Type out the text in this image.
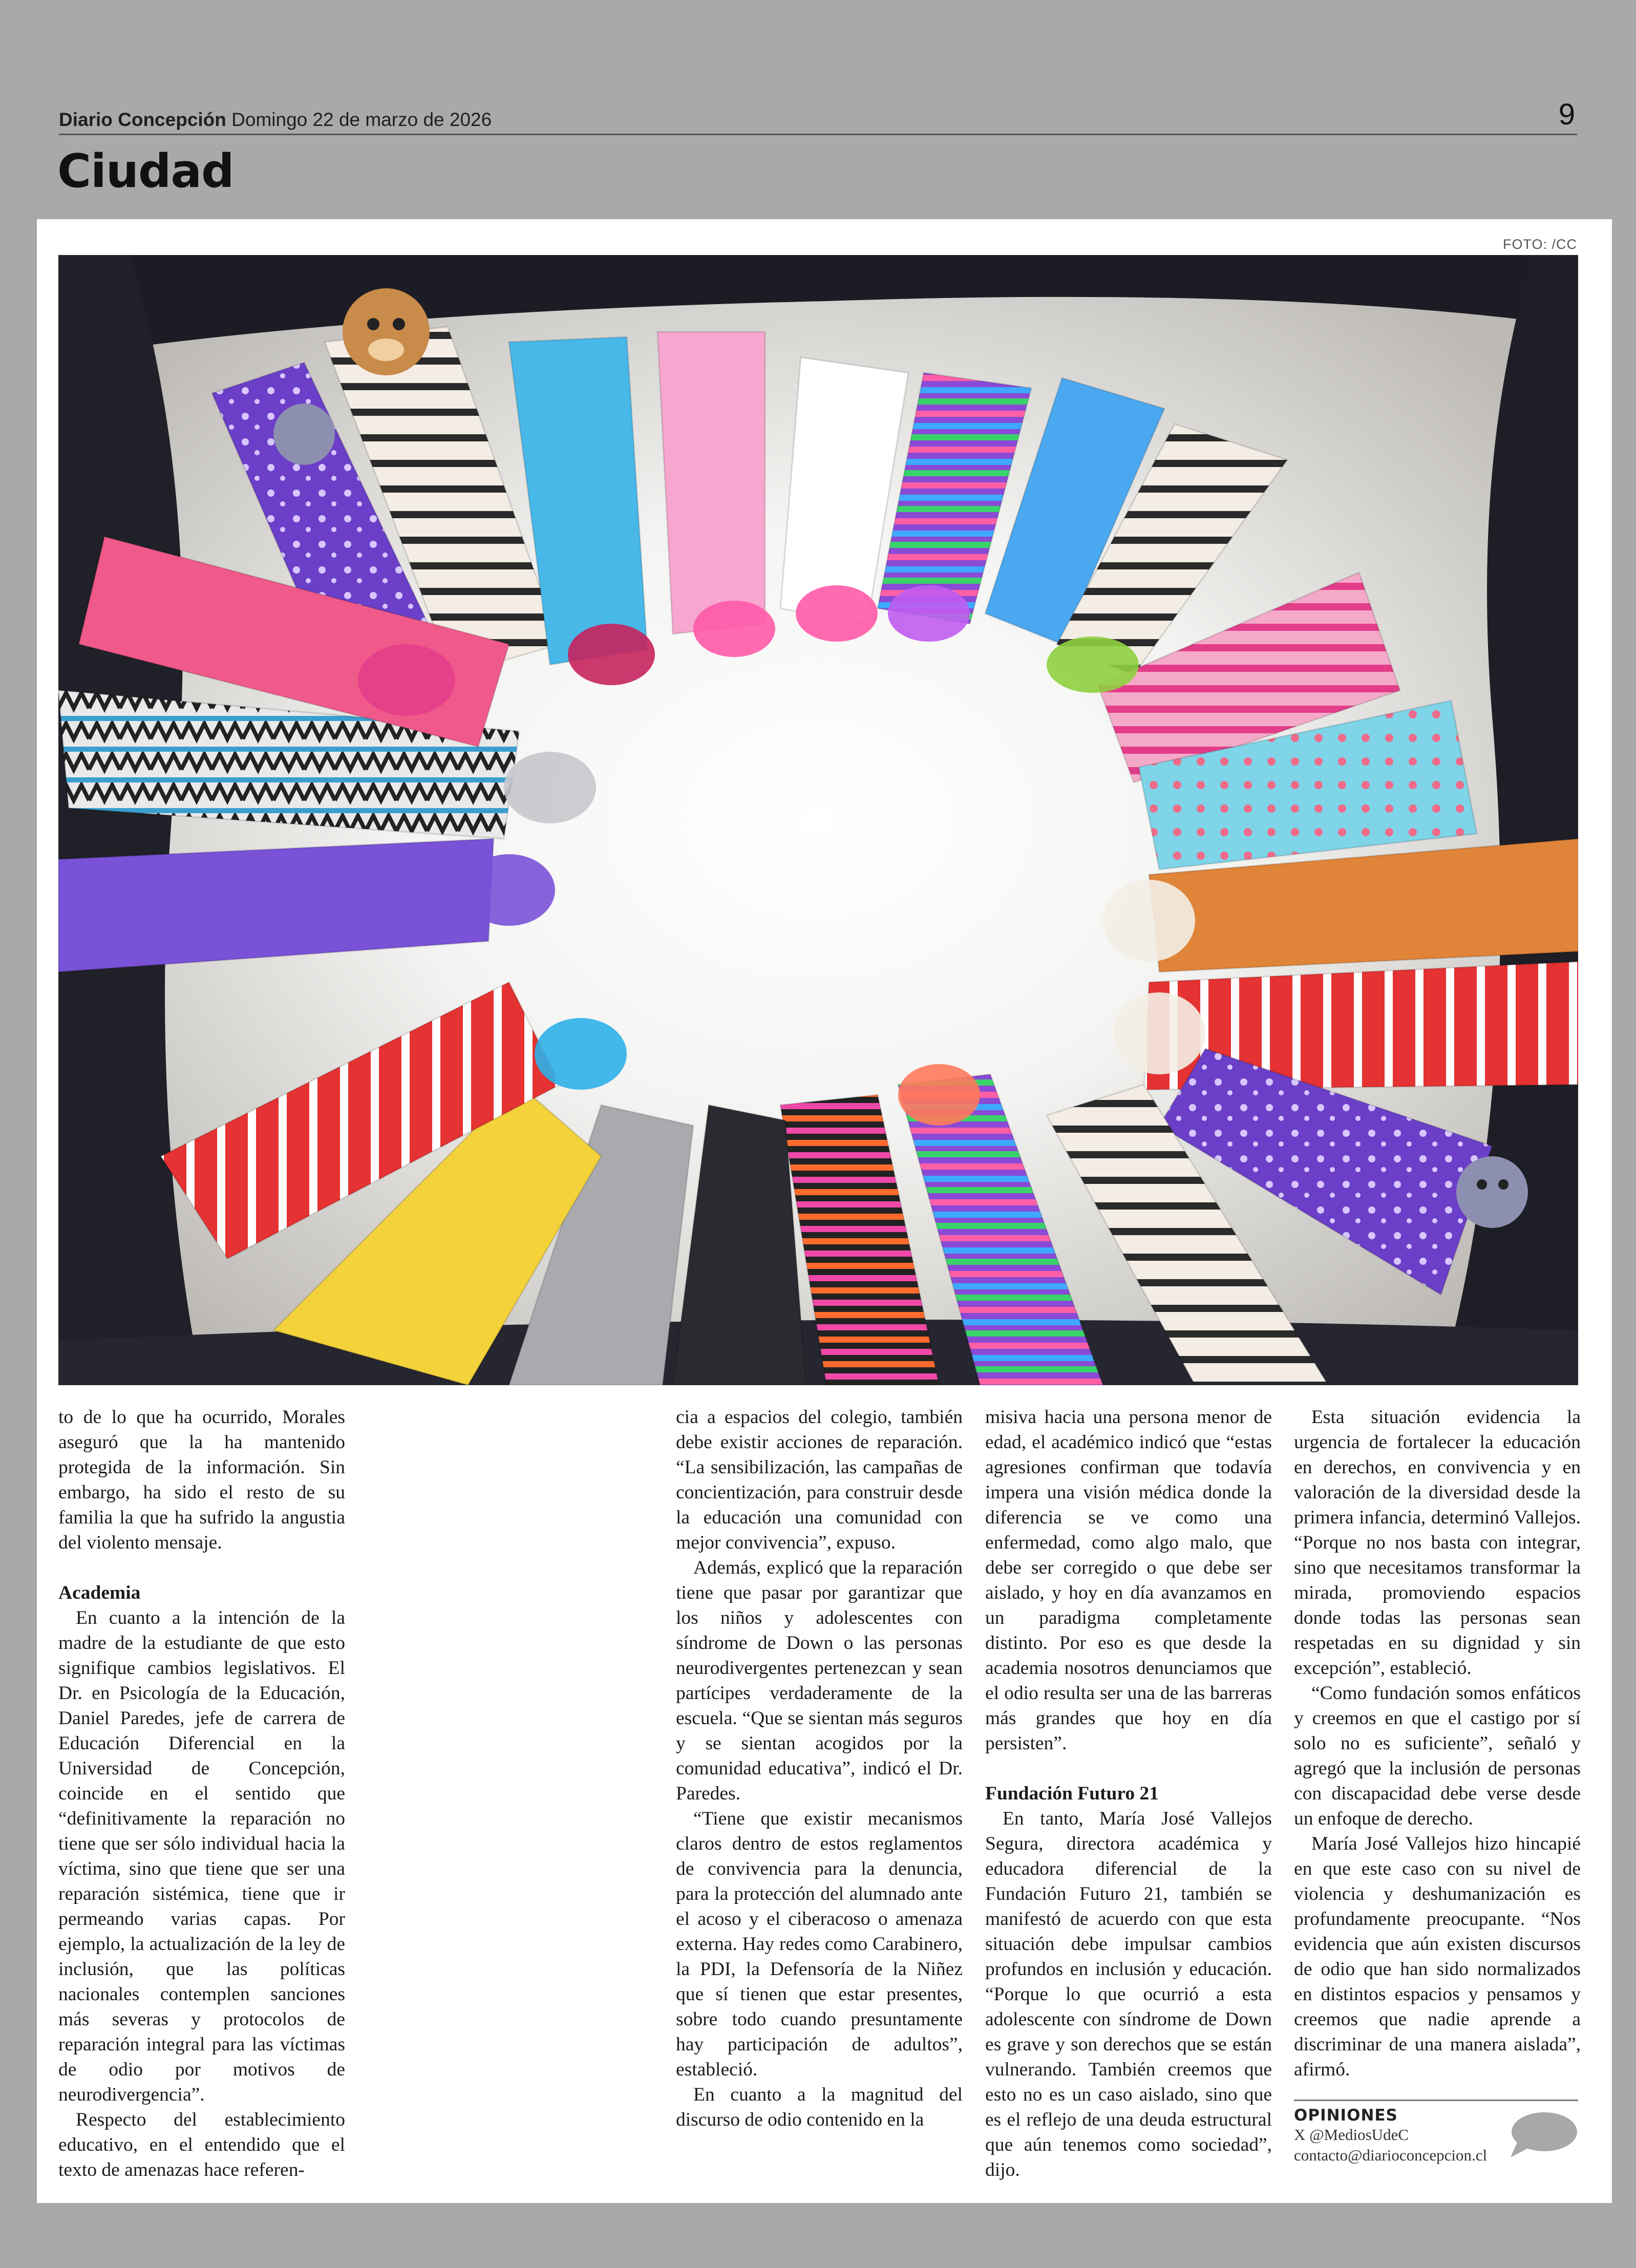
Diario Concepción Domingo 22 de marzo de 2026	9
Ciudad
FOTO: /CC

to de lo que ha ocurrido, Morales aseguró que la ha mantenido protegida de la información. Sin embargo, ha sido el resto de su familia la que ha sufrido la angustia del violento mensaje.

Academia

En cuanto a la intención de la madre de la estudiante de que esto signifique cambios legislativos. El Dr. en Psicología de la Educación, Daniel Paredes, jefe de carrera de Educación Diferencial en la Universidad de Concepción, coincide en el sentido que “definitivamente la reparación no tiene que ser sólo individual hacia la víctima, sino que tiene que ser una reparación sistémica, tiene que ir permeando varias capas. Por ejemplo, la actualización de la ley de inclusión, que las políticas nacionales contemplen sanciones más severas y protocolos de reparación integral para las víctimas de odio por motivos de neurodivergencia”.

Respecto del establecimiento educativo, en el entendido que el texto de amenazas hace referen-

cia a espacios del colegio, también debe existir acciones de reparación. “La sensibilización, las campañas de concientización, para construir desde la educación una comunidad con mejor convivencia”, expuso.

Además, explicó que la reparación tiene que pasar por garantizar que los niños y adolescentes con síndrome de Down o las personas neurodivergentes pertenezcan y sean partícipes verdaderamente de la escuela. “Que se sientan más seguros y se sientan acogidos por la comunidad educativa”, indicó el Dr. Paredes.

“Tiene que existir mecanismos claros dentro de estos reglamentos de convivencia para la denuncia, para la protección del alumnado ante el acoso y el ciberacoso o amenaza externa. Hay redes como Carabinero, la PDI, la Defensoría de la Niñez que sí tienen que estar presentes, sobre todo cuando presuntamente hay participación de adultos”, estableció.

En cuanto a la magnitud del discurso de odio contenido en la

misiva hacia una persona menor de edad, el académico indicó que “estas agresiones confirman que todavía impera una visión médica donde la diferencia se ve como una enfermedad, como algo malo, que debe ser corregido o que debe ser aislado, y hoy en día avanzamos en un paradigma completamente distinto. Por eso es que desde la academia nosotros denunciamos que el odio resulta ser una de las barreras más grandes que hoy en día persisten”.

Fundación Futuro 21

En tanto, María José Vallejos Segura, directora académica y educadora diferencial de la Fundación Futuro 21, también se manifestó de acuerdo con que esta situación debe impulsar cambios profundos en inclusión y educación. “Porque lo que ocurrió a esta adolescente con síndrome de Down es grave y son derechos que se están vulnerando. También creemos que esto no es un caso aislado, sino que es el reflejo de una deuda estructural que aún tenemos como sociedad”, dijo.

Esta situación evidencia la urgencia de fortalecer la educación en derechos, en convivencia y en valoración de la diversidad desde la primera infancia, determinó Vallejos. “Porque no nos basta con integrar, sino que necesitamos transformar la mirada, promoviendo espacios donde todas las personas sean respetadas en su dignidad y sin excepción”, estableció.

“Como fundación somos enfáticos y creemos en que el castigo por sí solo no es suficiente”, señaló y agregó que la inclusión de personas con discapacidad debe verse desde un enfoque de derecho.

María José Vallejos hizo hincapié en que este caso con su nivel de violencia y deshumanización es profundamente preocupante. “Nos evidencia que aún existen discursos de odio que han sido normalizados en distintos espacios y pensamos y creemos que nadie aprende a discriminar de una manera aislada”, afirmó.

OPINIONES
X @MediosUdeC
contacto@diarioconcepcion.cl
